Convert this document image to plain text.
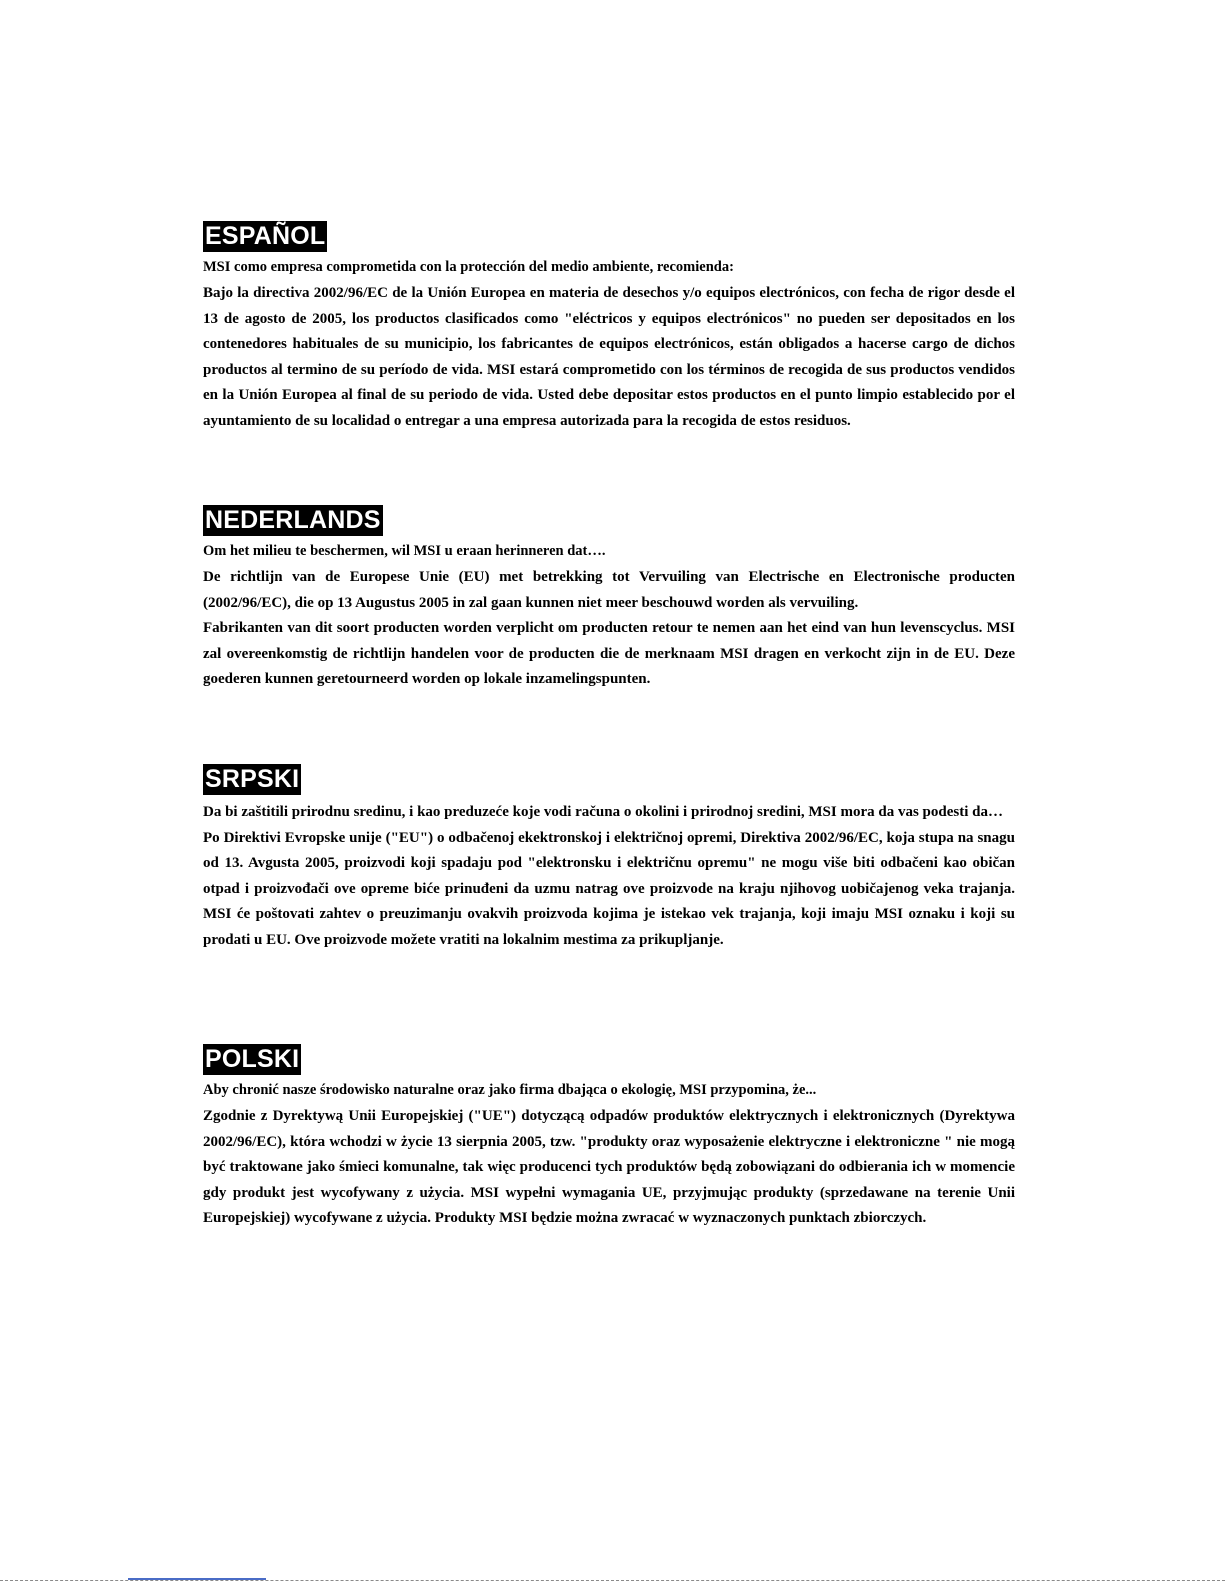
ESPAÑOL

MSI como empresa comprometida con la protección del medio ambiente, recomienda:

Bajo la directiva 2002/96/EC de la Unión Europea en materia de desechos y/o equipos electrónicos, con fecha de rigor desde el 13 de agosto de 2005, los productos clasificados como "eléctricos y equipos electrónicos" no pueden ser depositados en los contenedores habituales de su municipio, los fabricantes de equipos electrónicos, están obligados a hacerse cargo de dichos productos al termino de su período de vida. MSI estará comprometido con los términos de recogida de sus productos vendidos en la Unión Europea al final de su periodo de vida. Usted debe depositar estos productos en el punto limpio establecido por el ayuntamiento de su localidad o entregar a una empresa autorizada para la recogida de estos residuos.

NEDERLANDS

Om het milieu te beschermen, wil MSI u eraan herinneren dat….

De richtlijn van de Europese Unie (EU) met betrekking tot Vervuiling van Electrische en Electronische producten (2002/96/EC), die op 13 Augustus 2005 in zal gaan kunnen niet meer beschouwd worden als vervuiling.

Fabrikanten van dit soort producten worden verplicht om producten retour te nemen aan het eind van hun levenscyclus. MSI zal overeenkomstig de richtlijn handelen voor de producten die de merknaam MSI dragen en verkocht zijn in de EU. Deze goederen kunnen geretourneerd worden op lokale inzamelingspunten.

SRPSKI

Da bi zaštitili prirodnu sredinu, i kao preduzeće koje vodi računa o okolini i prirodnoj sredini, MSI mora da vas podesti da…

Po Direktivi Evropske unije ("EU") o odbačenoj ekektronskoj i električnoj opremi, Direktiva 2002/96/EC, koja stupa na snagu od 13. Avgusta 2005, proizvodi koji spadaju pod "elektronsku i električnu opremu" ne mogu više biti odbačeni kao običan otpad i proizvođači ove opreme biće prinuđeni da uzmu natrag ove proizvode na kraju njihovog uobičajenog veka trajanja. MSI će poštovati zahtev o preuzimanju ovakvih proizvoda kojima je istekao vek trajanja, koji imaju MSI oznaku i koji su prodati u EU. Ove proizvode možete vratiti na lokalnim mestima za prikupljanje.

POLSKI

Aby chronić nasze środowisko naturalne oraz jako firma dbająca o ekologię, MSI przypomina, że...

Zgodnie z Dyrektywą Unii Europejskiej ("UE") dotyczącą odpadów produktów elektrycznych i elektronicznych (Dyrektywa 2002/96/EC), która wchodzi w życie 13 sierpnia 2005, tzw. "produkty oraz wyposażenie elektryczne i elektroniczne " nie mogą być traktowane jako śmieci komunalne, tak więc producenci tych produktów będą zobowiązani do odbierania ich w momencie gdy produkt jest wycofywany z użycia. MSI wypełni wymagania UE, przyjmując produkty (sprzedawane na terenie Unii Europejskiej) wycofywane z użycia. Produkty MSI będzie można zwracać w wyznaczonych punktach zbiorczych.
